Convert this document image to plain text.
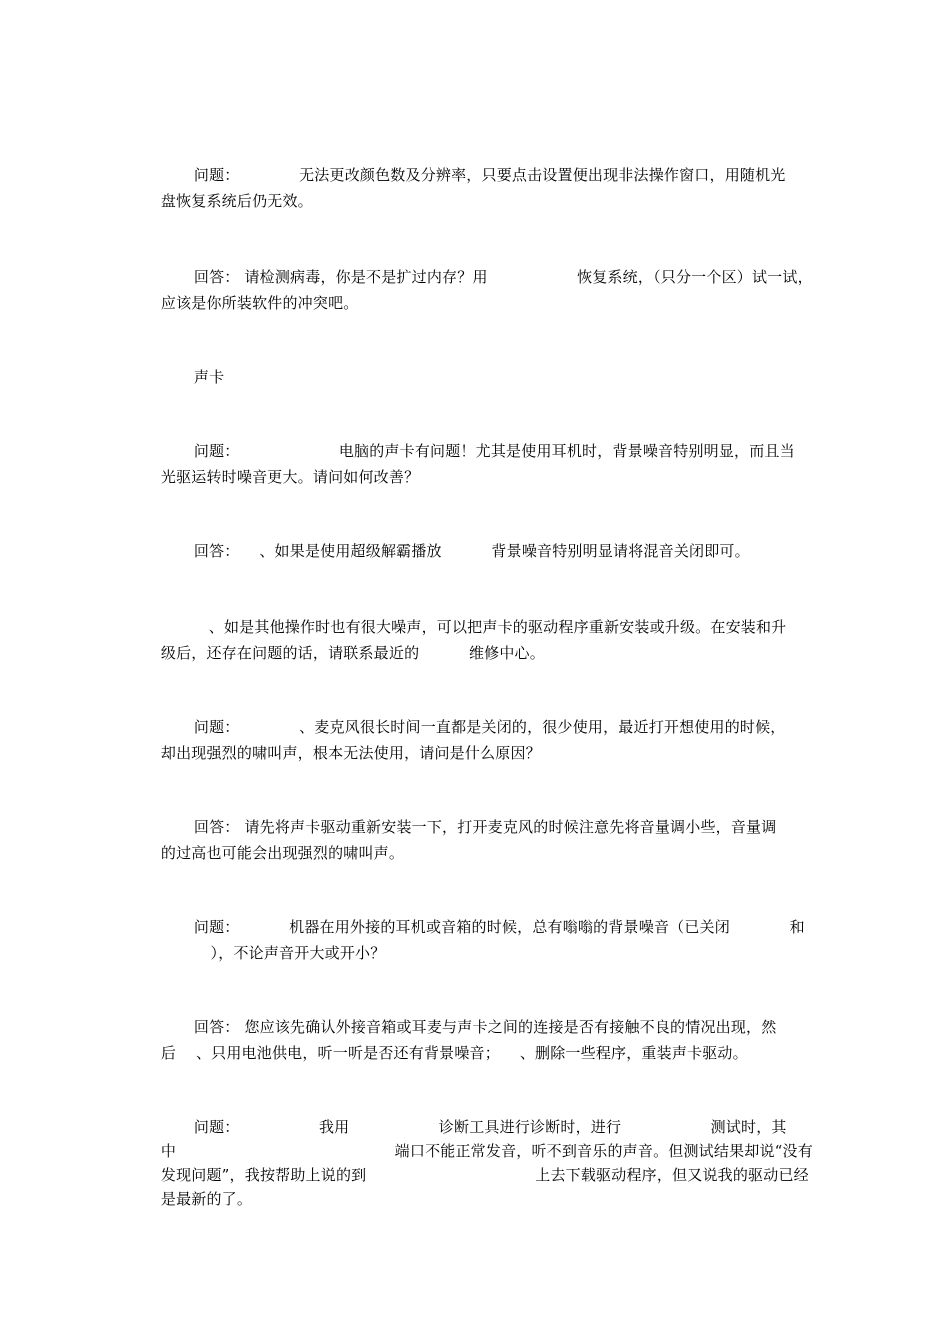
问题：            无法更改颜色数及分辨率，只要点击设置便出现非法操作窗口，用随机光

盘恢复系统后仍无效。

回答： 请检测病毒，你是不是扩过内存？用                  恢复系统，（只分一个区）试一试，

应该是你所装软件的冲突吧。

声卡

问题：                    电脑的声卡有问题！尤其是使用耳机时，背景噪音特别明显，而且当

光驱运转时噪音更大。请问如何改善？

回答：    、如果是使用超级解霸播放          背景噪音特别明显请将混音关闭即可。

、如是其他操作时也有很大噪声，可以把声卡的驱动程序重新安装或升级。在安装和升

级后，还存在问题的话，请联系最近的          维修中心。

问题：            、麦克风很长时间一直都是关闭的，很少使用，最近打开想使用的时候，

却出现强烈的啸叫声，根本无法使用，请问是什么原因？

回答： 请先将声卡驱动重新安装一下，打开麦克风的时候注意先将音量调小些，音量调

的过高也可能会出现强烈的啸叫声。

问题：          机器在用外接的耳机或音箱的时候，总有嗡嗡的背景噪音（已关闭            和

），不论声音开大或开小？

回答： 您应该先确认外接音箱或耳麦与声卡之间的连接是否有接触不良的情况出现，然

后    、只用电池供电，听一听是否还有背景噪音；    、删除一些程序，重装声卡驱动。

问题：                我用                  诊断工具进行诊断时，进行                  测试时，其

中                                            端口不能正常发音，听不到音乐的声音。但测试结果却说“没有

发现问题”，我按帮助上说的到                                  上去下载驱动程序，但又说我的驱动已经

是最新的了。
